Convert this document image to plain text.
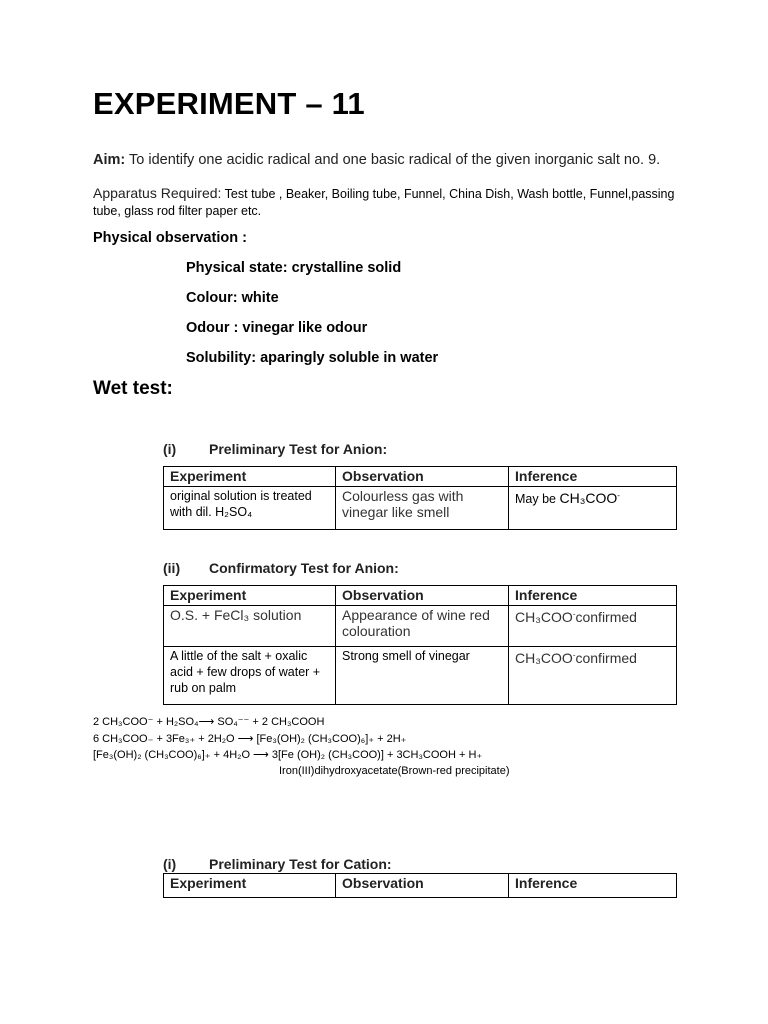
EXPERIMENT – 11
Aim: To identify one acidic radical and one basic radical of the given inorganic salt no. 9.
Apparatus Required: Test tube , Beaker, Boiling tube, Funnel, China Dish, Wash bottle, Funnel,passing tube, glass rod filter paper etc.
Physical observation :
Physical state: crystalline solid
Colour: white
Odour : vinegar like odour
Solubility: aparingly soluble in water
Wet test:
(i) Preliminary Test for Anion:
Experiment	Observation	Inference
original solution is treated with dil. H₂SO₄	Colourless gas with vinegar like smell	May be CH₃COO-
(ii) Confirmatory Test for Anion:
Experiment	Observation	Inference
O.S. + FeCl₃ solution	Appearance of wine red colouration	CH₃COO-confirmed
A little of the salt + oxalic acid + few drops of water + rub on palm	Strong smell of vinegar	CH₃COO-confirmed
2 CH₃COO⁻ + H₂SO₄⟶ SO₄⁻⁻ + 2 CH₃COOH
6 CH₃COO₋ + 3Fe₃₊ + 2H₂O ⟶ [Fe₃(OH)₂ (CH₃COO)₆]₊ + 2H₊
[Fe₃(OH)₂ (CH₃COO)₆]₊ + 4H₂O ⟶ 3[Fe (OH)₂ (CH₃COO)] + 3CH₃COOH + H₊
Iron(III)dihydroxyacetate(Brown-red precipitate)
(i) Preliminary Test for Cation:
Experiment	Observation	Inference
